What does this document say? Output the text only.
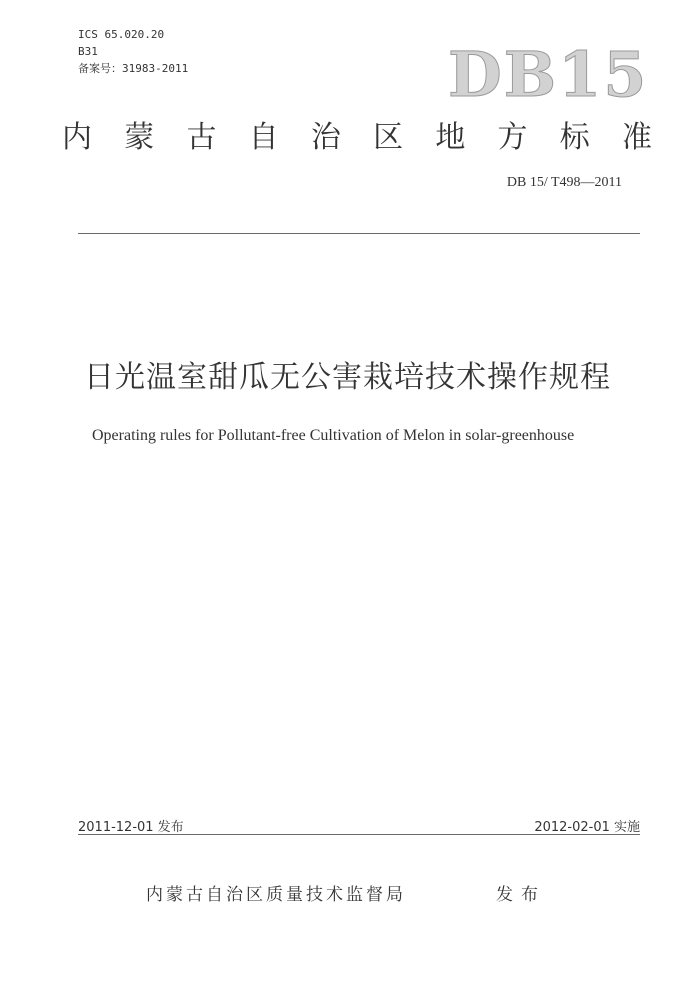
ICS 65.020.20
B31
备案号：31983-2011	DB15
内 蒙 古 自 治 区 地 方 标 准
DB 15/ T498—2011
日光温室甜瓜无公害栽培技术操作规程
Operating rules for Pollutant-free Cultivation of Melon in solar-greenhouse
2011-12-01 发布	2012-02-01 实施
内蒙古自治区质量技术监督局	发布
